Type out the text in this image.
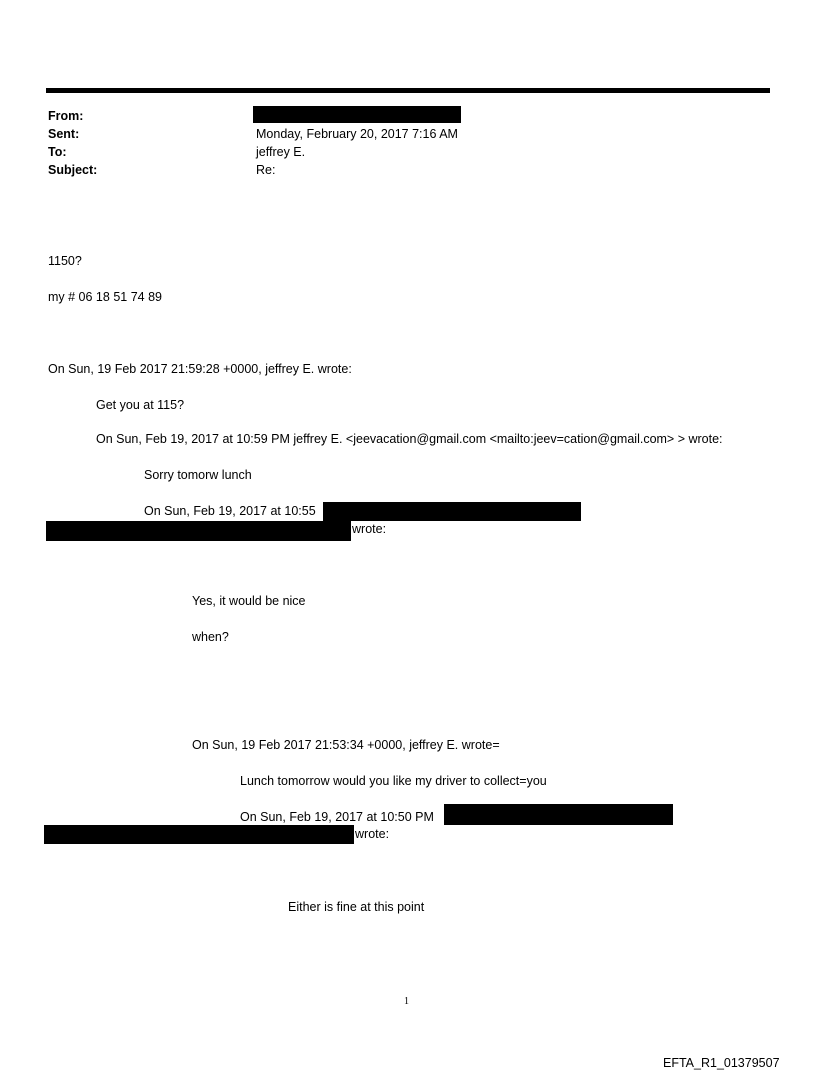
From:
Sent:	Monday, February 20, 2017 7:16 AM
To:	jeffrey E.
Subject:	Re:
1150?
my # 06 18 51 74 89
On Sun, 19 Feb 2017 21:59:28 +0000, jeffrey E. wrote:
Get you at 115?
On Sun, Feb 19, 2017 at 10:59 PM jeffrey E. <jeevacation@gmail.com <mailto:jeev=cation@gmail.com> > wrote:
Sorry tomorw lunch
On Sun, Feb 19, 2017 at 10:55
wrote:
Yes, it would be nice
when?
On Sun, 19 Feb 2017 21:53:34 +0000, jeffrey E. wrote=
Lunch tomorrow would you like my driver to collect=you
On Sun, Feb 19, 2017 at 10:50 PM
wrote:
Either is fine at this point
1
EFTA_R1_01379507
